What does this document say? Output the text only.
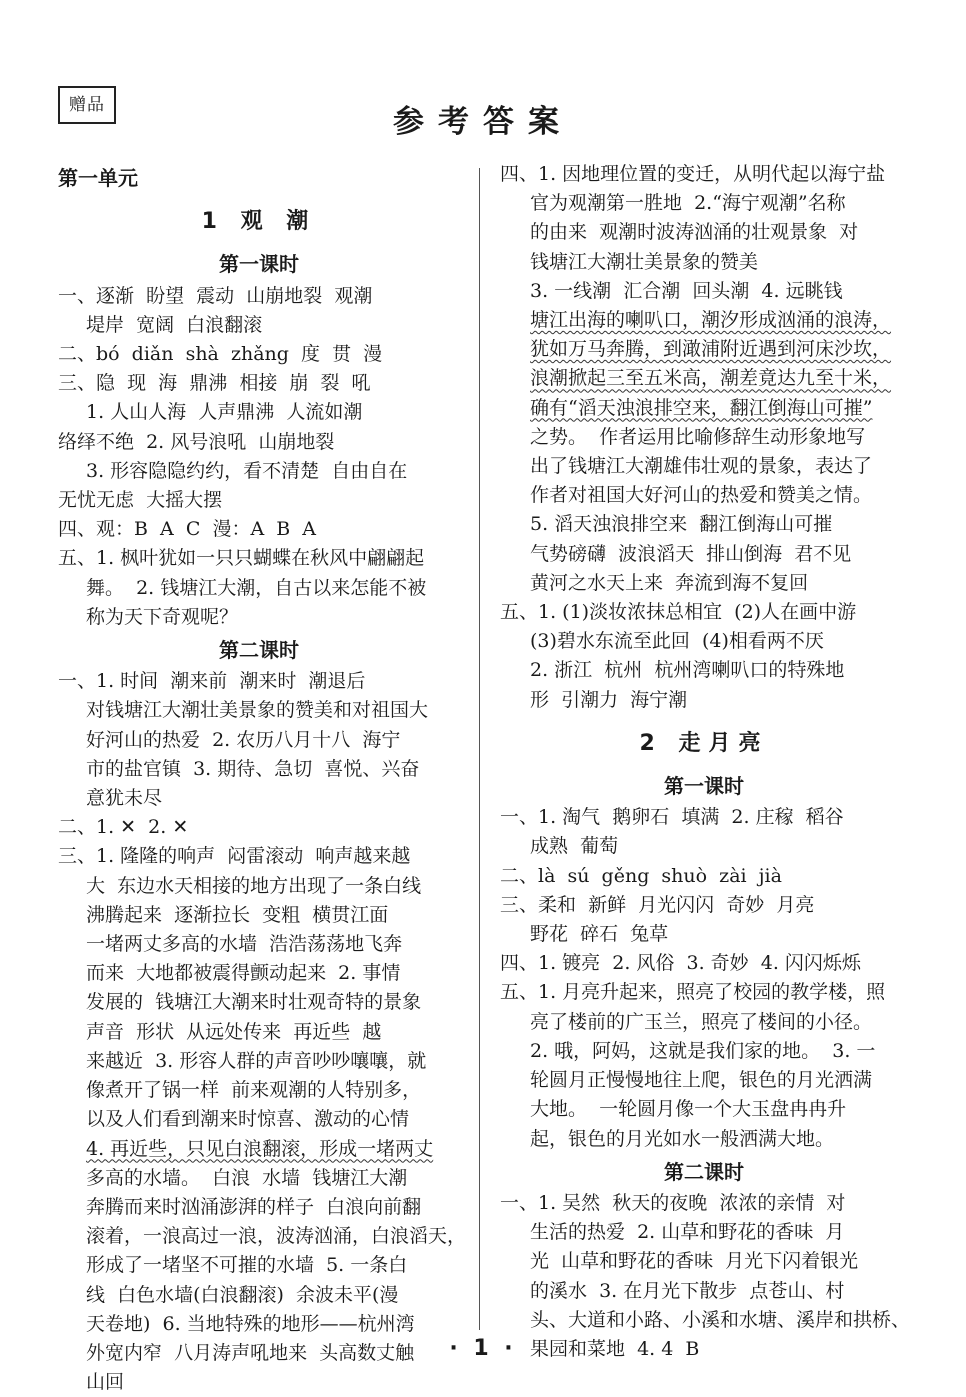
赠品	参考答案
第一单元
1 观 潮
第一课时
一、逐渐  盼望  震动  山崩地裂  观潮
堤岸  宽阔  白浪翻滚
二、bó  diǎn  shà  zhǎng  度  贯  漫
三、隐  现  海  鼎沸  相接  崩  裂  吼
1. 人山人海  人声鼎沸  人流如潮
络绎不绝  2. 风号浪吼  山崩地裂
3. 形容隐隐约约，看不清楚  自由自在
无忧无虑  大摇大摆
四、观：B  A  C  漫：A  B  A
五、1. 枫叶犹如一只只蝴蝶在秋风中翩翩起
舞。  2. 钱塘江大潮，自古以来怎能不被
称为天下奇观呢？
第二课时
一、1. 时间  潮来前  潮来时  潮退后
对钱塘江大潮壮美景象的赞美和对祖国大
好河山的热爱  2. 农历八月十八  海宁
市的盐官镇  3. 期待、急切  喜悦、兴奋
意犹未尽
二、1. ✕  2. ✕
三、1. 隆隆的响声  闷雷滚动  响声越来越
大  东边水天相接的地方出现了一条白线
沸腾起来  逐渐拉长  变粗  横贯江面
一堵两丈多高的水墙  浩浩荡荡地飞奔
而来  大地都被震得颤动起来  2. 事情
发展的  钱塘江大潮来时壮观奇特的景象
声音  形状  从远处传来  再近些  越
来越近  3. 形容人群的声音吵吵嚷嚷，就
像煮开了锅一样  前来观潮的人特别多，
以及人们看到潮来时惊喜、激动的心情
4. 再近些，只见白浪翻滚，形成一堵两丈
多高的水墙。  白浪  水墙  钱塘江大潮
奔腾而来时汹涌澎湃的样子  白浪向前翻
滚着，一浪高过一浪，波涛汹涌，白浪滔天，
形成了一堵坚不可摧的水墙  5. 一条白
线  白色水墙(白浪翻滚)  余波未平(漫
天卷地)  6. 当地特殊的地形——杭州湾
外宽内窄  八月涛声吼地来  头高数丈触
山回
四、1. 因地理位置的变迁，从明代起以海宁盐
官为观潮第一胜地  2.“海宁观潮”名称
的由来  观潮时波涛汹涌的壮观景象  对
钱塘江大潮壮美景象的赞美
3. 一线潮  汇合潮  回头潮  4. 远眺钱
塘江出海的喇叭口，潮汐形成汹涌的浪涛，
犹如万马奔腾，到澉浦附近遇到河床沙坎，
浪潮掀起三至五米高，潮差竟达九至十米，
确有“滔天浊浪排空来，翻江倒海山可摧”
之势。  作者运用比喻修辞生动形象地写
出了钱塘江大潮雄伟壮观的景象，表达了
作者对祖国大好河山的热爱和赞美之情。
5. 滔天浊浪排空来  翻江倒海山可摧
气势磅礴  波浪滔天  排山倒海  君不见
黄河之水天上来  奔流到海不复回
五、1. (1)淡妆浓抹总相宜  (2)人在画中游
(3)碧水东流至此回  (4)相看两不厌
2. 浙江  杭州  杭州湾喇叭口的特殊地
形  引潮力  海宁潮
2 走月亮
第一课时
一、1. 淘气  鹅卵石  填满  2. 庄稼  稻谷
成熟  葡萄
二、là  sú  gěng  shuò  zài  jià
三、柔和  新鲜  月光闪闪  奇妙  月亮
野花  碎石  兔草
四、1. 镀亮  2. 风俗  3. 奇妙  4. 闪闪烁烁
五、1. 月亮升起来，照亮了校园的教学楼，照
亮了楼前的广玉兰，照亮了楼间的小径。
2. 哦，阿妈，这就是我们家的地。  3. 一
轮圆月正慢慢地往上爬，银色的月光洒满
大地。  一轮圆月像一个大玉盘冉冉升
起，银色的月光如水一般洒满大地。
第二课时
一、1. 吴然  秋天的夜晚  浓浓的亲情  对
生活的热爱  2. 山草和野花的香味  月
光  山草和野花的香味  月光下闪着银光
的溪水  3. 在月光下散步  点苍山、村
头、大道和小路、小溪和水塘、溪岸和拱桥、
果园和菜地  4. 4  B
· 1 ·
